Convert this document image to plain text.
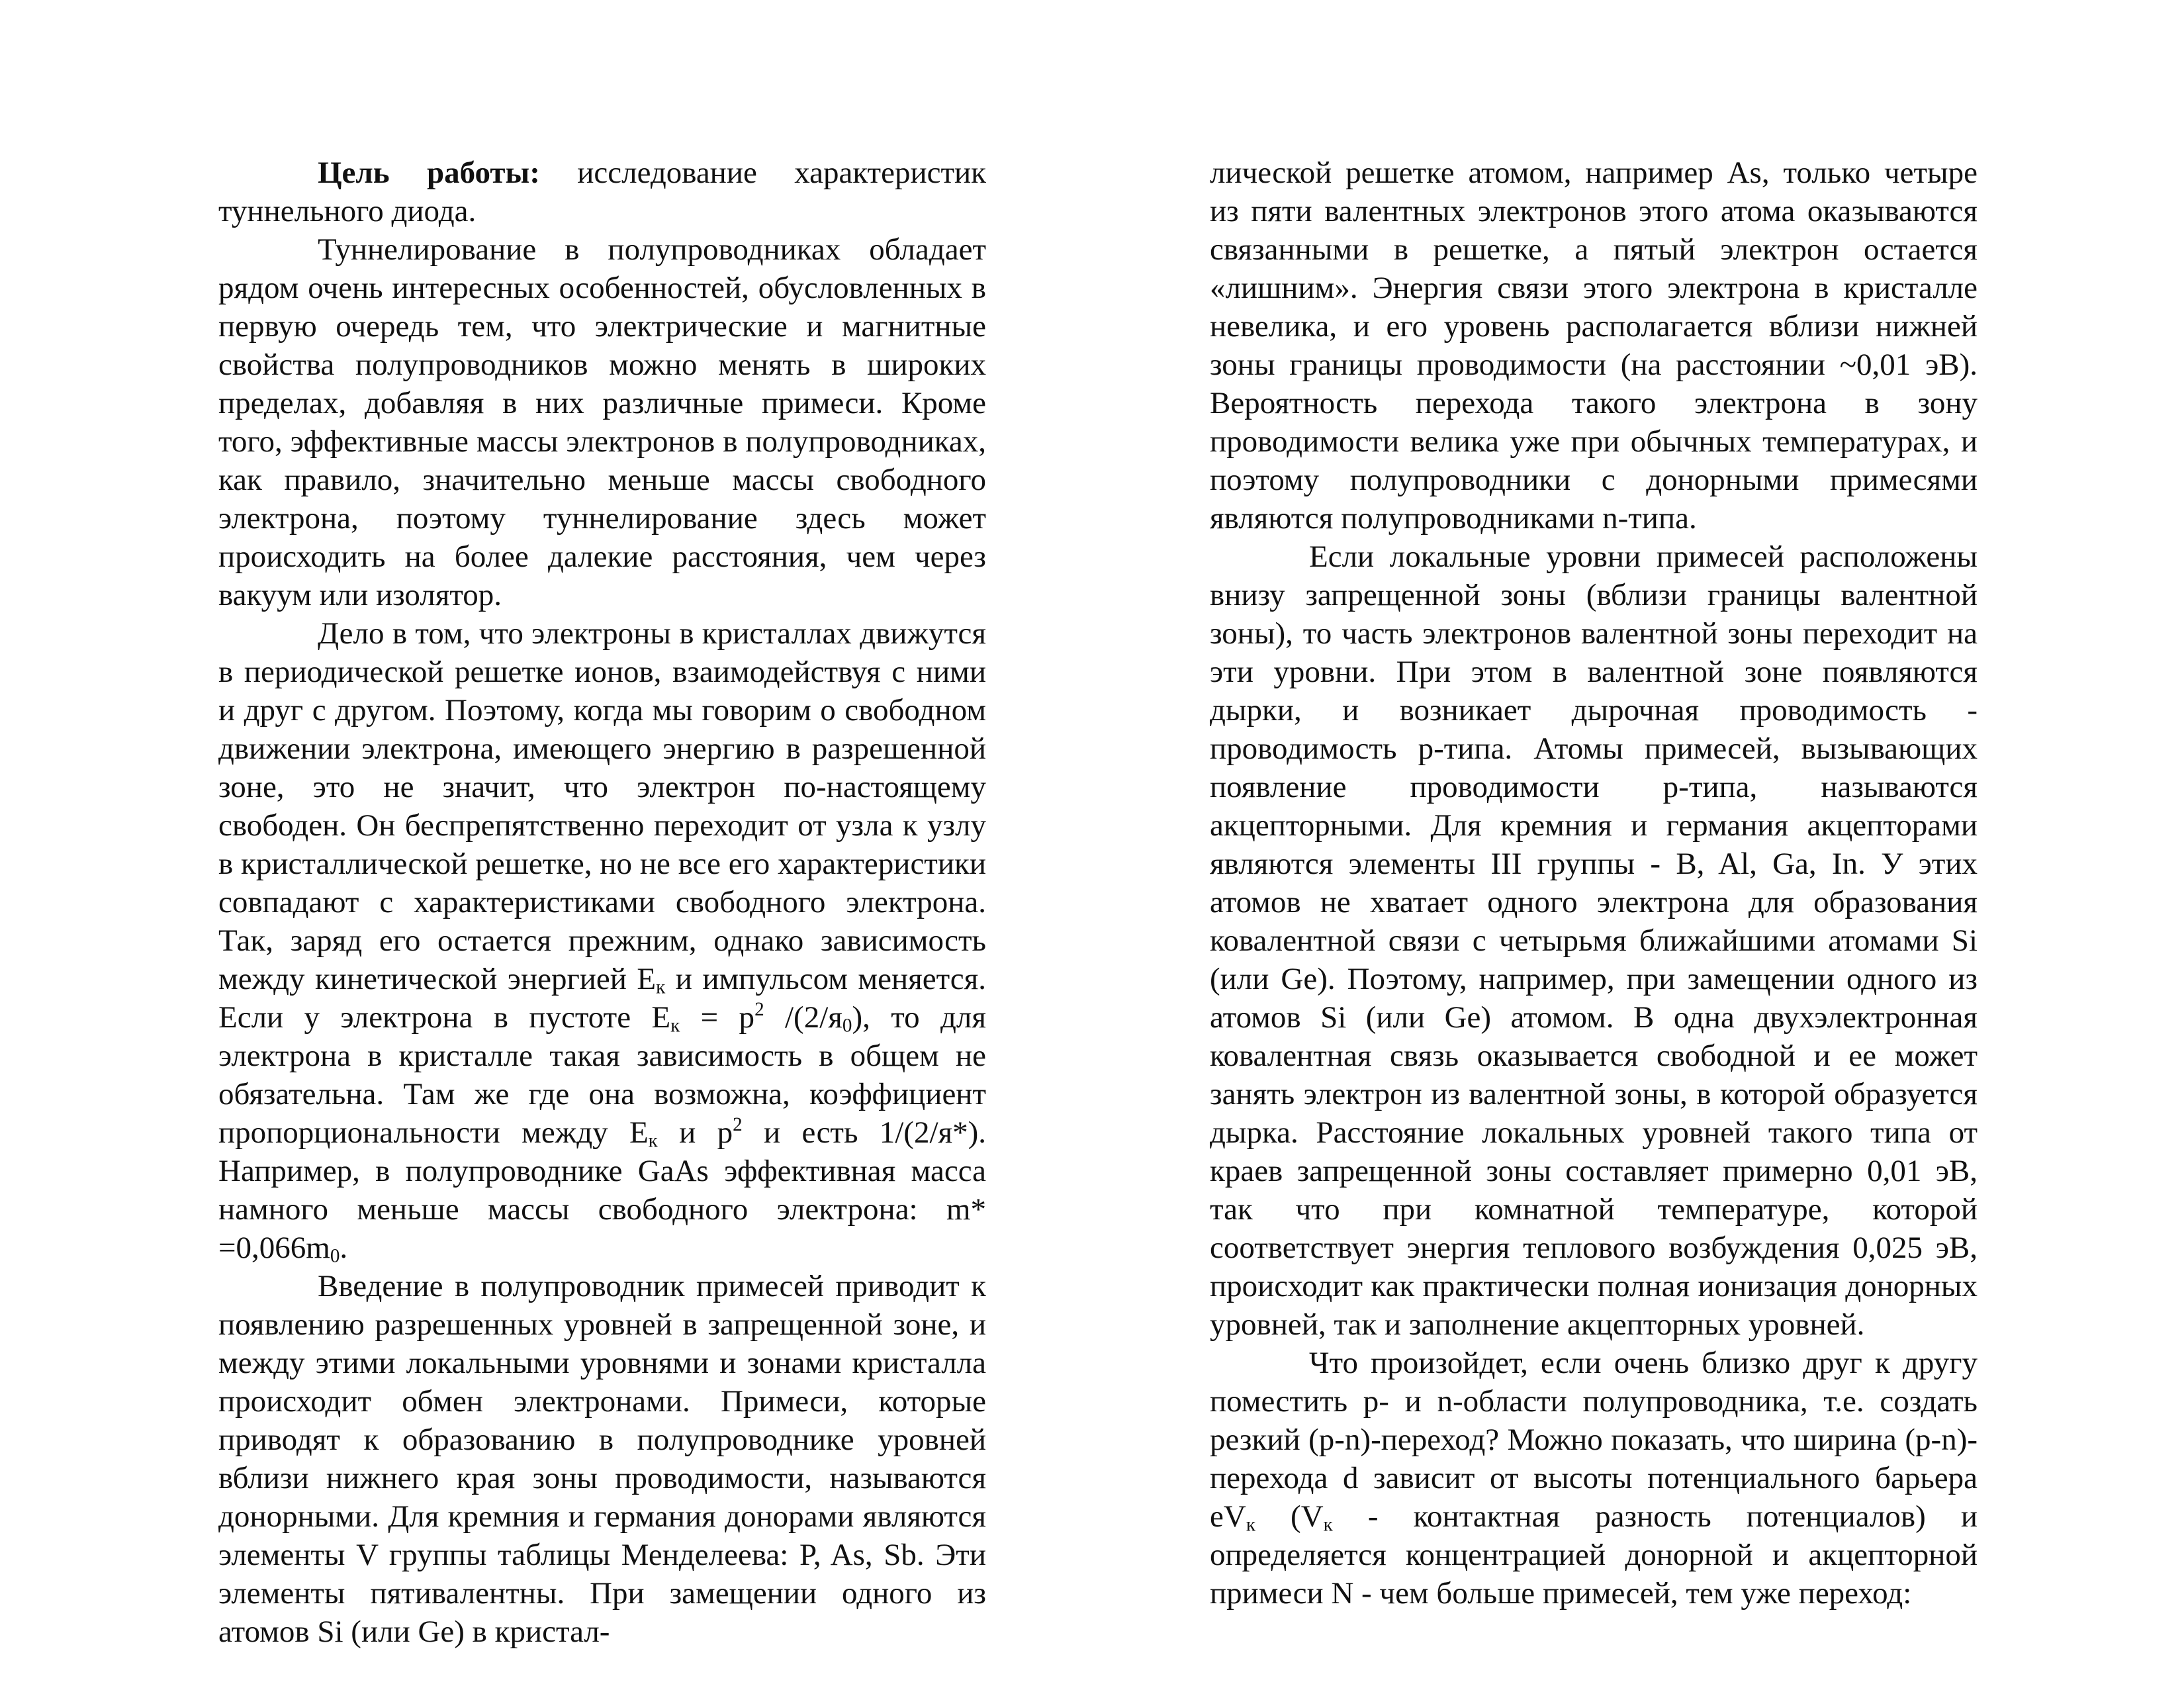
Цель работы: исследование характеристик туннельного диода.

Туннелирование в полупроводниках обладает рядом очень интересных особенностей, обусловленных в первую очередь тем, что электрические и магнитные свойства полупроводников можно менять в широких пределах, добавляя в них различные примеси. Кроме того, эффективные массы электронов в полупроводниках, как правило, значительно меньше массы свободного электрона, поэтому туннелирование здесь может происходить на более далекие расстояния, чем через вакуум или изолятор.

Дело в том, что электроны в кристаллах движутся в периодической решетке ионов, взаимодействуя с ними и друг с другом. Поэтому, когда мы говорим о свободном движении электрона, имеющего энергию в разрешенной зоне, это не значит, что электрон по-настоящему свободен. Он беспрепятственно переходит от узла к узлу в кристаллической решетке, но не все его характеристики совпадают с характеристиками свободного электрона. Так, заряд его остается прежним, однако зависимость между кинетической энергией $E_к$ и импульсом меняется. Если у электрона в пустоте $E_к = p^2$ $/(2/я_0)$, то для электрона в кристалле такая зависимость в общем не обязательна. Там же где она возможна, коэффициент пропорциональности между $E_к$ и $p^2$ и есть 1/(2/я*). Например, в полупроводнике GaAs эффективная масса намного меньше массы свободного электрона: $m* =0,066m_0$.

Введение в полупроводник примесей приводит к появлению разрешенных уровней в запрещенной зоне, и между этими локальными уровнями и зонами кристалла происходит обмен электронами. Примеси, которые приводят к образованию в полупроводнике уровней вблизи нижнего края зоны проводимости, называются донорными. Для кремния и германия донорами являются элементы V группы таблицы Менделеева: P, As, Sb. Эти элементы пятивалентны. При замещении одного из атомов Si (или Ge) в кристал-

лической решетке атомом, например As, только четыре из пяти валентных электронов этого атома оказываются связанными в решетке, а пятый электрон остается «лишним». Энергия связи этого электрона в кристалле невелика, и его уровень располагается вблизи нижней зоны границы проводимости (на расстоянии ~0,01 эВ). Вероятность перехода такого электрона в зону проводимости велика уже при обычных температурах, и поэтому полупроводники с донорными примесями являются полупроводниками n-типа.

Если локальные уровни примесей расположены внизу запрещенной зоны (вблизи границы валентной зоны), то часть электронов валентной зоны переходит на эти уровни. При этом в валентной зоне появляются дырки, и возникает дырочная проводимость - проводимость p-типа. Атомы примесей, вызывающих появление проводимости p-типа, называются акцепторными. Для кремния и германия акцепторами являются элементы III группы - B, Al, Ga, In. У этих атомов не хватает одного электрона для образования ковалентной связи с четырьмя ближайшими атомами Si (или Ge). Поэтому, например, при замещении одного из атомов Si (или Ge) атомом. В одна двухэлектронная ковалентная связь оказывается свободной и ее может занять электрон из валентной зоны, в которой образуется дырка. Расстояние локальных уровней такого типа от краев запрещенной зоны составляет примерно 0,01 эВ, так что при комнатной температуре, которой соответствует энергия теплового возбуждения 0,025 эВ, происходит как практически полная ионизация донорных уровней, так и заполнение акцепторных уровней.

Что произойдет, если очень близко друг к другу поместить p- и n-области полупроводника, т.е. создать резкий (p-n)-переход? Можно показать, что ширина (p-n)-перехода d зависит от высоты потенциального барьера $eV_к$ ($V_к$ - контактная разность потенциалов) и определяется концентрацией донорной и акцепторной примеси N - чем больше примесей, тем уже переход:
